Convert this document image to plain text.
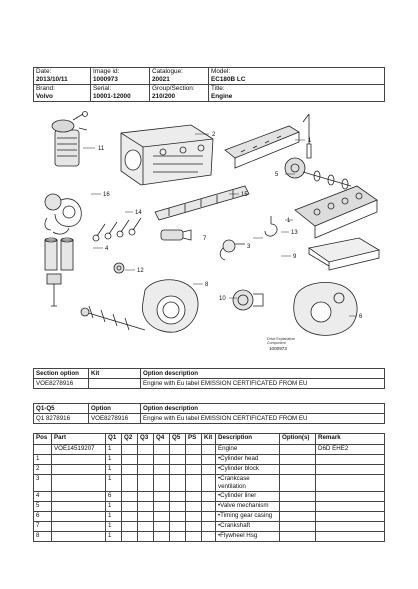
Date:
2013/10/11	Image id:
1000973	Catalogue:
20021	Model:
EC180B LC

Brand:
Volvo	Serial:
10001-12000	Group/Section:
210/200	Title:
Engine
11
2
1
5
16
14
15
1
13
7
3
9
4
12
8
10
6
Drive Explanation
Component
1000973
Section option	Kit	Option description
VOE8278916		Engine with Eu label EMISSION CERTIFICATED FROM EU
Q1-Q5	Option	Option description
Q1 8278916	VOE8278916	Engine with Eu label EMISSION CERTIFICATED FROM EU
Pos	Part	Q1	Q2	Q3	Q4	Q5	PS	Kit	Description	Option(s)	Remark
	VOE14519207	1							Engine		D6D EHE2
1		1							•Cylinder head		
2		1							•Cylinder block		
3		1							•Crankcase ventilation		
4		6							•Cylinder liner		
5		1							•Valve mechanism		
6		1							•Timing gear casing		
7		1							•Crankshaft		
8		1							•Flywheel Hsg		
